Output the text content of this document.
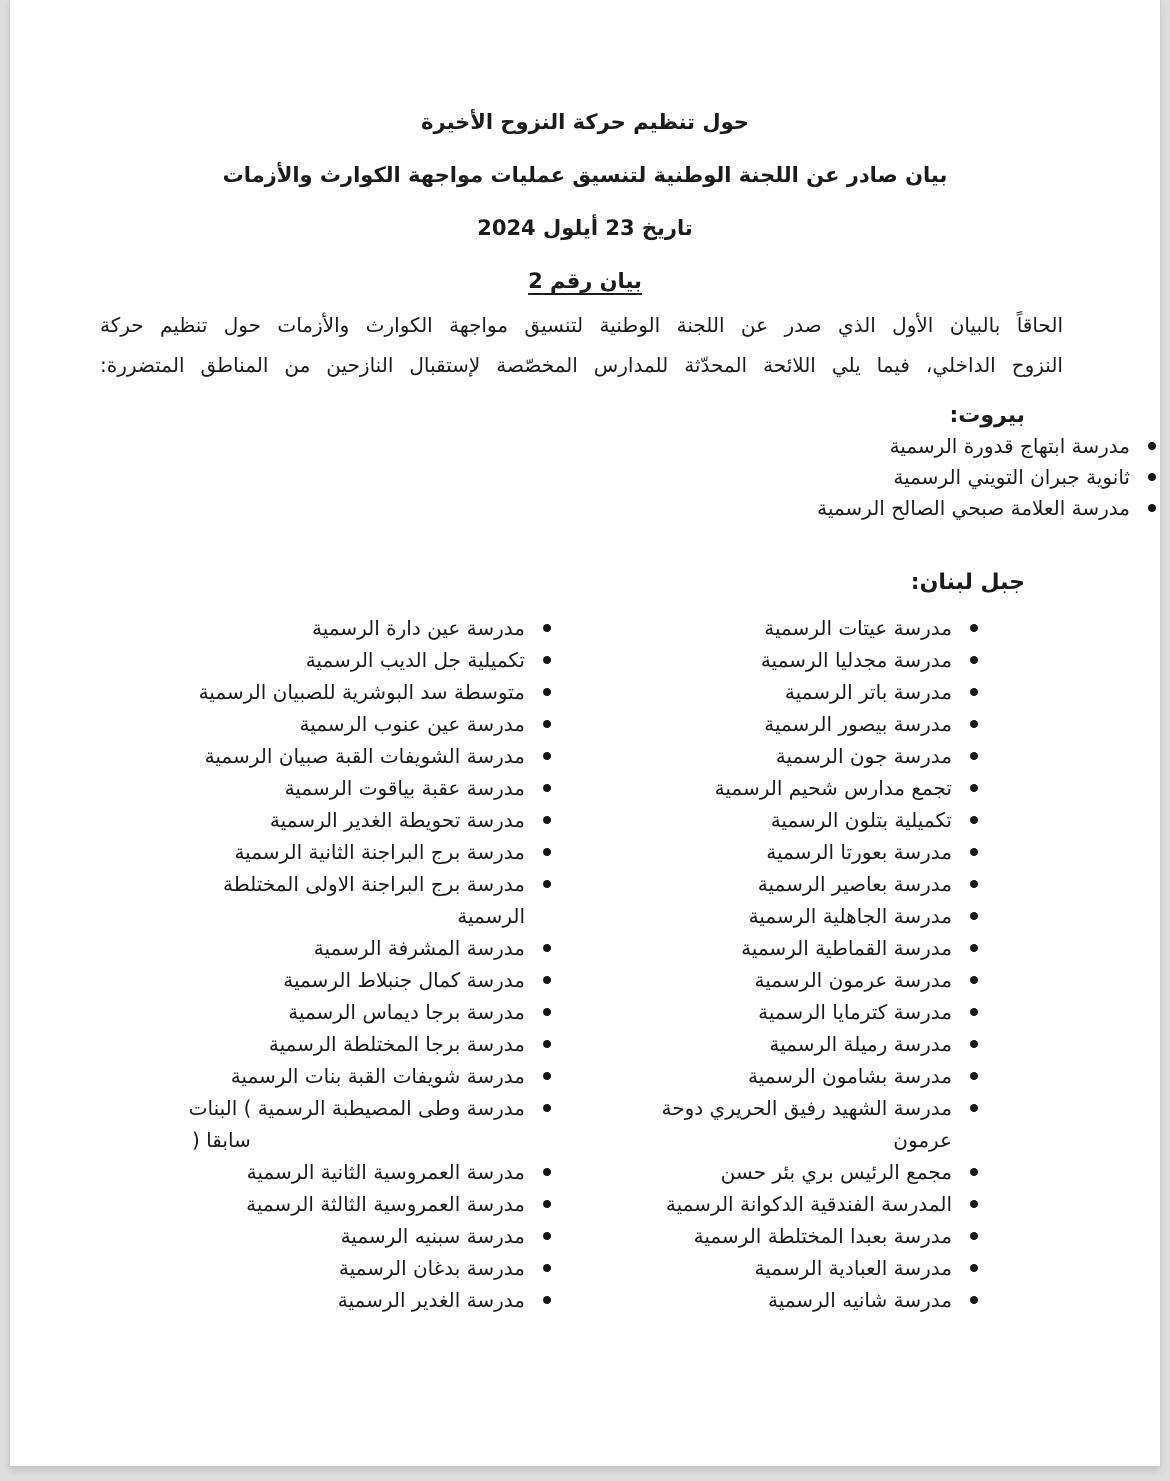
حول تنظيم حركة النزوح الأخيرة
بيان صادر عن اللجنة الوطنية لتنسيق عمليات مواجهة الكوارث والأزمات
تاريخ 23 أيلول 2024
بيان رقم 2
الحاقاً بالبيان الأول الذي صدر عن اللجنة الوطنية لتنسيق مواجهة الكوارث والأزمات حول تنظيم حركة
النزوح الداخلي، فيما يلي اللائحة المحدّثة للمدارس المخصّصة لإستقبال النازحين من المناطق المتضررة:
بيروت:
مدرسة ابتهاج قدورة الرسمية
ثانوية جبران التويني الرسمية
مدرسة العلامة صبحي الصالح الرسمية
جبل لبنان:
مدرسة عيتات الرسمية
مدرسة مجدليا الرسمية
مدرسة باتر الرسمية
مدرسة بيصور الرسمية
مدرسة جون الرسمية
تجمع مدارس شحيم الرسمية
تكميلية بتلون الرسمية
مدرسة بعورتا الرسمية
مدرسة بعاصير الرسمية
مدرسة الجاهلية الرسمية
مدرسة القماطية الرسمية
مدرسة عرمون الرسمية
مدرسة كترمايا الرسمية
مدرسة رميلة الرسمية
مدرسة بشامون الرسمية
مدرسة الشهيد رفيق الحريري دوحة
عرمون
مجمع الرئيس بري بئر حسن
المدرسة الفندقية الدكوانة الرسمية
مدرسة بعبدا المختلطة الرسمية
مدرسة العبادية الرسمية
مدرسة شانيه الرسمية
مدرسة عين دارة الرسمية
تكميلية جل الديب الرسمية
متوسطة سد البوشرية للصبيان الرسمية
مدرسة عين عنوب الرسمية
مدرسة الشويفات القبة صبيان الرسمية
مدرسة عقبة بياقوت الرسمية
مدرسة تحويطة الغدير الرسمية
مدرسة برج البراجنة الثانية الرسمية
مدرسة برج البراجنة الاولى المختلطة
الرسمية
مدرسة المشرفة الرسمية
مدرسة كمال جنبلاط الرسمية
مدرسة برجا ديماس الرسمية
مدرسة برجا المختلطة الرسمية
مدرسة شويفات القبة بنات الرسمية
مدرسة وطى المصيطبة الرسمية ) البنات
سابقا (
مدرسة العمروسية الثانية الرسمية
مدرسة العمروسية الثالثة الرسمية
مدرسة سبنيه الرسمية
مدرسة بدغان الرسمية
مدرسة الغدير الرسمية
